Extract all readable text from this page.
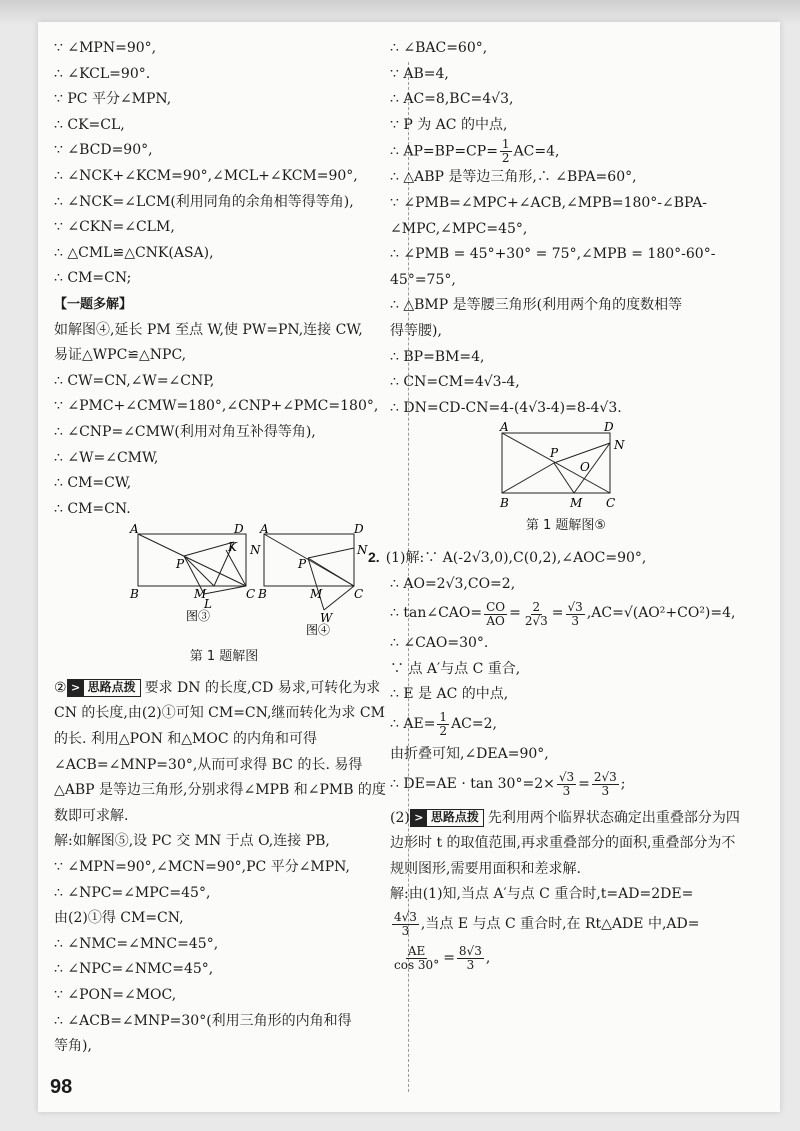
∵ ∠MPN=90°,
∴ ∠KCL=90°.
∵ PC 平分∠MPN,
∴ CK=CL,
∵ ∠BCD=90°,
∴ ∠NCK+∠KCM=90°,∠MCL+∠KCM=90°,
∴ ∠NCK=∠LCM(利用同角的余角相等得等角),
∵ ∠CKN=∠CLM,
∴ △CML≌△CNK(ASA),
∴ CM=CN;
【一题多解】
如解图④,延长 PM 至点 W,使 PW=PN,连接 CW,
易证△WPC≌△NPC,
∴ CW=CN,∠W=∠CNP,
∵ ∠PMC+∠CMW=180°,∠CNP+∠PMC=180°,
∴ ∠CNP=∠CMW(利用对角互补得等角),
∴ ∠W=∠CMW,
∴ CM=CW,
∴ CM=CN.
A	D
K N
P
B	M
L
C
图③
A	D
N
P
B	M	C
W
图④
第 1 题解图
② > 思路点拨 要求 DN 的长度,CD 易求,可转化为求 CN 的长度,由(2)①可知 CM=CN,继而转化为求 CM 的长. 利用△PON 和△MOC 的内角和可得∠ACB=∠MNP=30°,从而可求得 BC 的长. 易得△ABP 是等边三角形,分别求得∠MPB 和∠PMB 的度数即可求解.
解:如解图⑤,设 PC 交 MN 于点 O,连接 PB,
∵ ∠MPN=90°,∠MCN=90°,PC 平分∠MPN,
∴ ∠NPC=∠MPC=45°,
由(2)①得 CM=CN,
∴ ∠NMC=∠MNC=45°,
∴ ∠NPC=∠NMC=45°,
∵ ∠PON=∠MOC,
∴ ∠ACB=∠MNP=30°(利用三角形的内角和得
等角),
∴ ∠BAC=60°,
∵ AB=4,
∴ AC=8,BC=4√3,
∵ P 为 AC 的中点,
∴ $AP=BP=CP= \frac{1}{2} AC=4$,
∴ △ABP 是等边三角形,∴ ∠BPA=60°,
∵ ∠PMB=∠MPC+∠ACB,∠MPB=180°-∠BPA-
∠MPC,∠MPC=45°,
∴ ∠PMB = 45°+30° = 75°,∠MPB = 180°-60°-
45°=75°,
∴ △BMP 是等腰三角形(利用两个角的度数相等
得等腰),
∴ BP=BM=4,
∴ CN=CM=4√3-4,
∴ DN=CD-CN=4-(4√3-4)=8-4√3.
A	D
N
P
O
B	M C
第 1 题解图⑤
2. (1)解:∵ A(-2√3,0),C(0,2),∠AOC=90°,
∴ AO=2√3,CO=2,
∴ tan∠CAO= $\frac{CO}{AO} = \frac{2}{2√3} = \frac{√3}{3} ,AC=√(AO^2+CO^2)=4$,
∴ ∠CAO=30°.
∵ 点 A′与点 C 重合,
∴ E 是 AC 的中点,
∴ $AE= \frac{1}{2} AC=2$,
由折叠可知,∠DEA=90°,
∴ $DE=AE \cdot \tan 30^\circ=2\times \frac{√3}{3} = \frac{2√3}{3}$ ;
(2) > 思路点拨 先利用两个临界状态确定出重叠部分为四边形时 t 的取值范围,再求重叠部分的面积,重叠部分为不规则图形,需要用面积和差求解.
解:由(1)知,当点 A′与点 C 重合时,t=AD=2DE=
$\frac{4√3}{3}$ ,当点 E 与点 C 重合时,在 Rt△ADE 中,AD=
$\frac{AE}{\cos 30^\circ} = \frac{8√3}{3}$ ,
98
